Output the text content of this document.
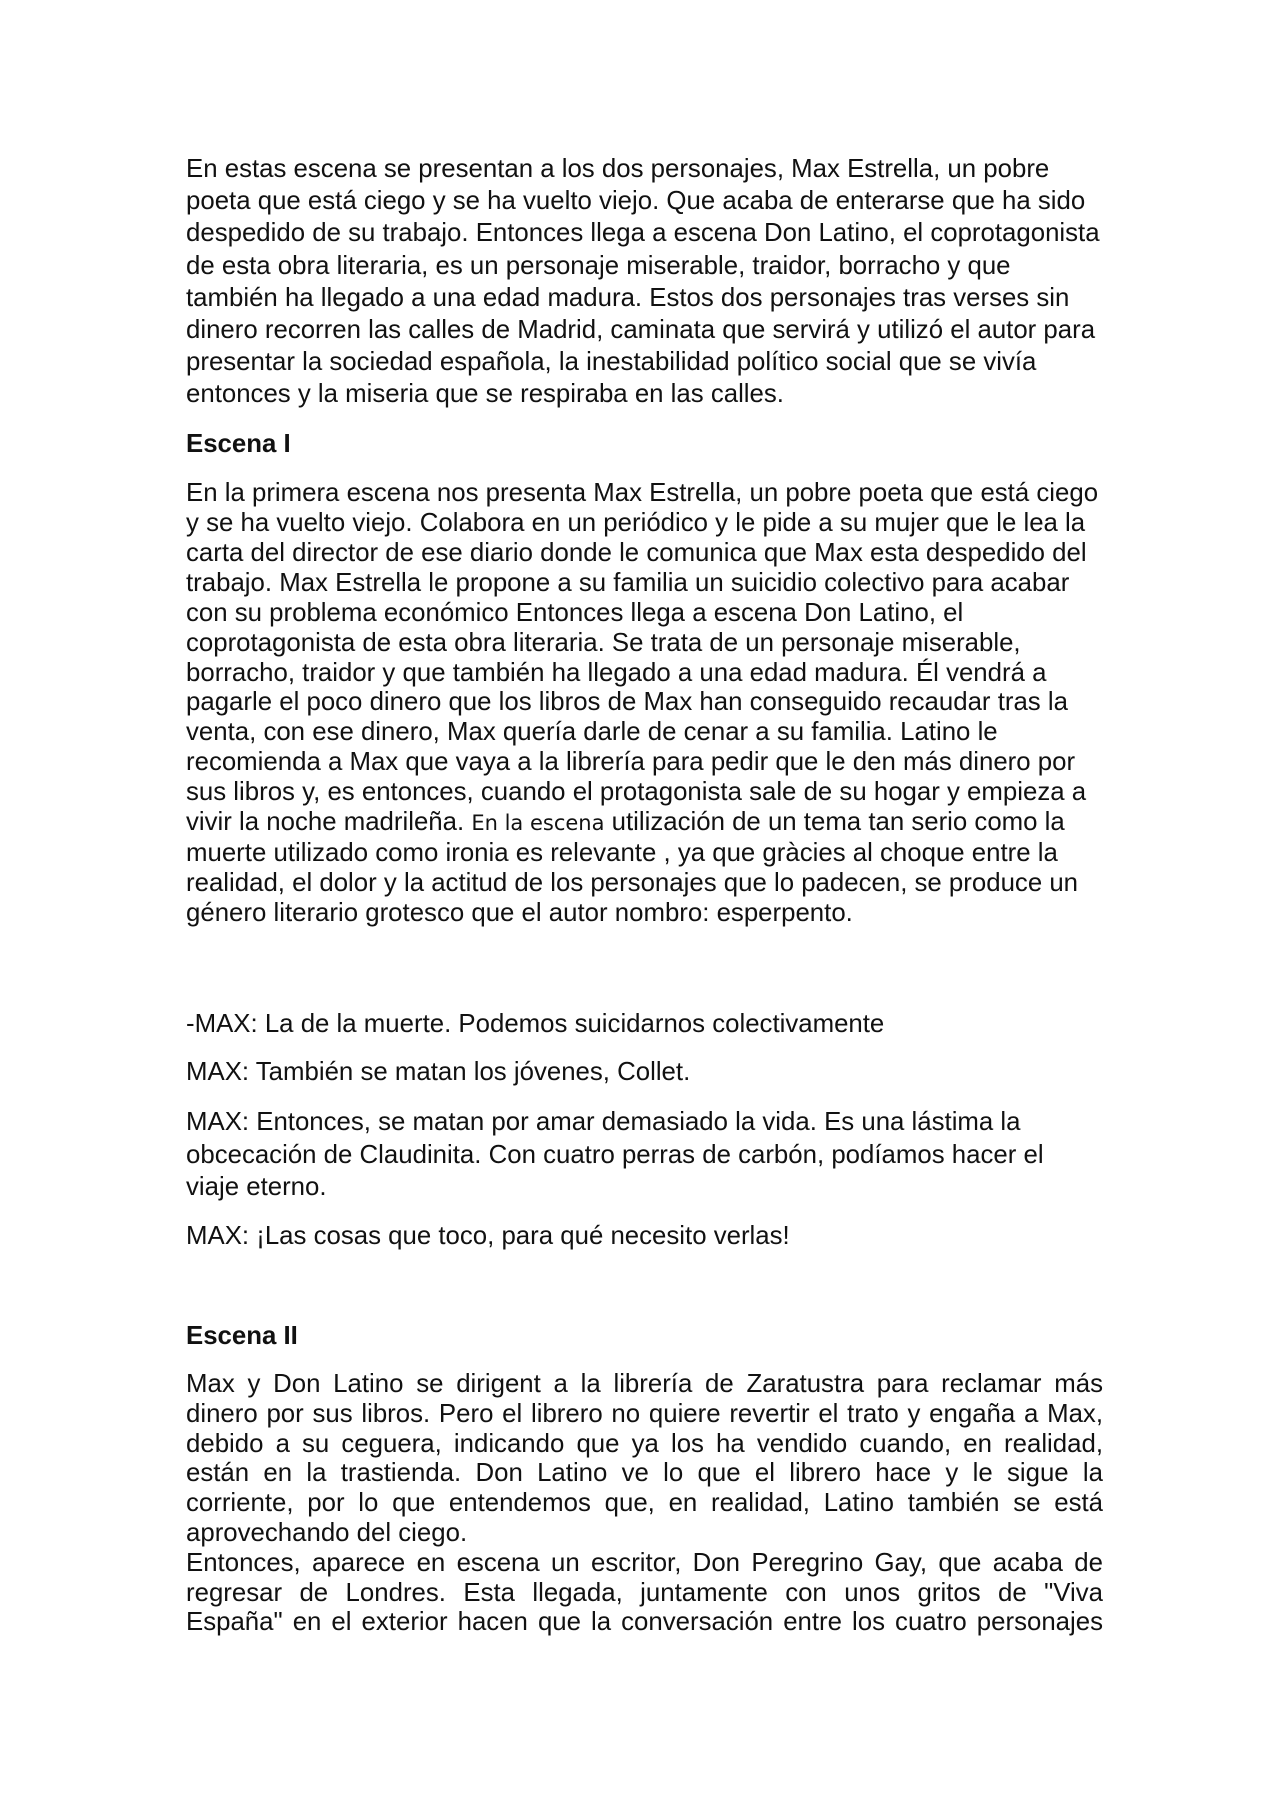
En estas escena se presentan a los dos personajes, Max Estrella, un pobre
poeta que está ciego y se ha vuelto viejo. Que acaba de enterarse que ha sido
despedido de su trabajo. Entonces llega a escena Don Latino, el coprotagonista
de esta obra literaria, es un personaje miserable, traidor, borracho y que
también ha llegado a una edad madura. Estos dos personajes tras verses sin
dinero recorren las calles de Madrid, caminata que servirá y utilizó el autor para
presentar la sociedad española, la inestabilidad político social que se vivía
entonces y la miseria que se respiraba en las calles.
Escena I
En la primera escena nos presenta Max Estrella, un pobre poeta que está ciego
y se ha vuelto viejo. Colabora en un periódico y le pide a su mujer que le lea la
carta del director de ese diario donde le comunica que Max esta despedido del
trabajo. Max Estrella le propone a su familia un suicidio colectivo para acabar
con su problema económico Entonces llega a escena Don Latino, el
coprotagonista de esta obra literaria. Se trata de un personaje miserable,
borracho, traidor y que también ha llegado a una edad madura. Él vendrá a
pagarle el poco dinero que los libros de Max han conseguido recaudar tras la
venta, con ese dinero, Max quería darle de cenar a su familia. Latino le
recomienda a Max que vaya a la librería para pedir que le den más dinero por
sus libros y, es entonces, cuando el protagonista sale de su hogar y empieza a
vivir la noche madrileña. En la escena utilización de un tema tan serio como la
muerte utilizado como ironia es relevante , ya que gràcies al choque entre la
realidad, el dolor y la actitud de los personajes que lo padecen, se produce un
género literario grotesco que el autor nombro: esperpento.
-MAX: La de la muerte. Podemos suicidarnos colectivamente
MAX: También se matan los jóvenes, Collet.
MAX: Entonces, se matan por amar demasiado la vida. Es una lástima la
obcecación de Claudinita. Con cuatro perras de carbón, podíamos hacer el
viaje eterno.
MAX: ¡Las cosas que toco, para qué necesito verlas!
Escena II
Max y Don Latino se dirigent a la librería de Zaratustra para reclamar más
dinero por sus libros. Pero el librero no quiere revertir el trato y engaña a Max,
debido a su ceguera, indicando que ya los ha vendido cuando, en realidad,
están en la trastienda. Don Latino ve lo que el librero hace y le sigue la
corriente, por lo que entendemos que, en realidad, Latino también se está
aprovechando del ciego.
Entonces, aparece en escena un escritor, Don Peregrino Gay, que acaba de
regresar de Londres. Esta llegada, juntamente con unos gritos de "Viva
España" en el exterior hacen que la conversación entre los cuatro personajes
